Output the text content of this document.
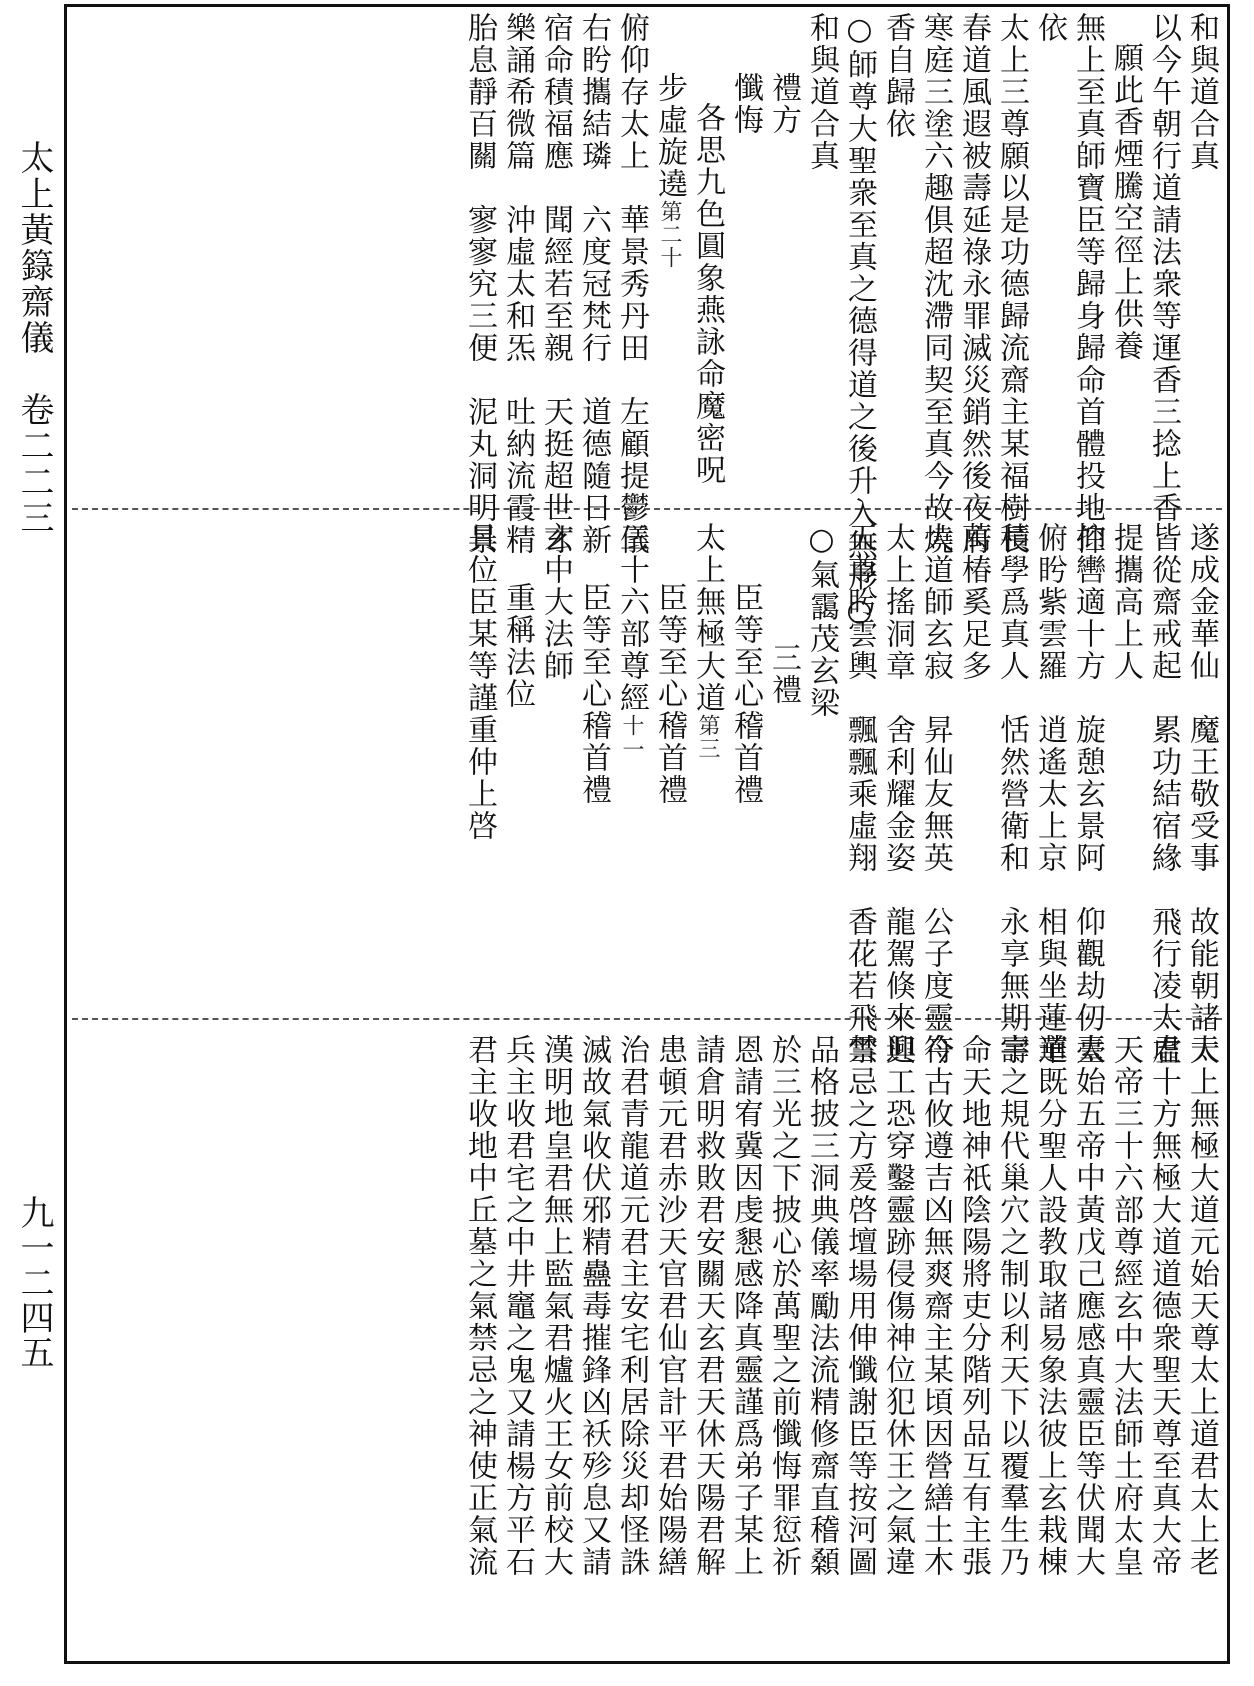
太上黃籙齋儀　卷二二三
九一二四五
和與道合真
以今午朝行道請法衆等運香三捻上香
願此香煙騰空徑上供養
無上至真師寶臣等歸身歸命首體投地仰
依
太上三尊願以是功德歸流齋主某福樹長
春道風遐被壽延祿永罪滅災銷然後夜府
寒庭三塗六趣俱超沈滯同契至真今故燒
香自歸依
○師尊大聖衆至真之德得道之後升入無形○
和與道合真
禮方
懺悔
各思九色圓象燕詠命魔密呪
步虛旋遶第二十
俯仰存太上　華景秀丹田　左顧提鬱儀
右盻攜結璘　六度冠梵行　道德隨日新
宿命積福應　聞經若至親　天挺超世才
樂誦希微篇　沖虛太和炁　吐納流霞精
胎息靜百關　寥寥究三便　泥丸洞明景
遂成金華仙　魔王敬受事　故能朝諸天
皆從齋戒起　累功結宿緣　飛行凌太虛
提攜高上人
控轡適十方　旋憩玄景阿　仰觀劫仞臺
俯盻紫雲羅　逍遙太上京　相與坐蓮華
積學爲真人　恬然營衛和　永享無期壽
萬椿奚足多
大道師玄寂　昇仙友無英　公子度靈符
太上搖洞章　舍利耀金姿　龍駕倏來迎
天尊盻雲輿　飄飄乘虛翔　香花若飛雪
○氣靄茂玄梁
三禮
臣等至心稽首禮
太上無極大道第三
臣等至心稽首禮
三十六部尊經十一
臣等至心稽首禮
玄中大法師
重稱法位
具位臣某等謹重仲上啓
太上無極大道元始天尊太上道君太上老
君十方無極大道道德衆聖天尊至真大帝
天帝三十六部尊經玄中大法師土府太皇
太始五帝中黃戊己應感真靈臣等伏聞大
道既分聖人設教取諸易象法彼上玄栽棟
宇之規代巢穴之制以利天下以覆羣生乃
命天地神祇陰陽將吏分階列品互有主張
今古攸遵吉凶無爽齋主某頃因營繕土木
興工恐穿鑿靈跡侵傷神位犯休王之氣違
禁忌之方爰啓壇場用伸懺謝臣等按河圖
品格披三洞典儀率勵法流精修齋直稽顙
於三光之下披心於萬聖之前懺悔罪愆祈
恩請宥冀因虔懇感降真靈謹爲弟子某上
請倉明救敗君安關天玄君天休天陽君解
患頓元君赤沙天官君仙官計平君始陽繕
治君青龍道元君主安宅利居除災却怪誅
滅故氣收伏邪精蠱毒摧鋒凶袄殄息又請
漢明地皇君無上監氣君爐火王女前校大
兵主收君宅之中井竈之鬼又請楊方平石
君主收地中丘墓之氣禁忌之神使正氣流
